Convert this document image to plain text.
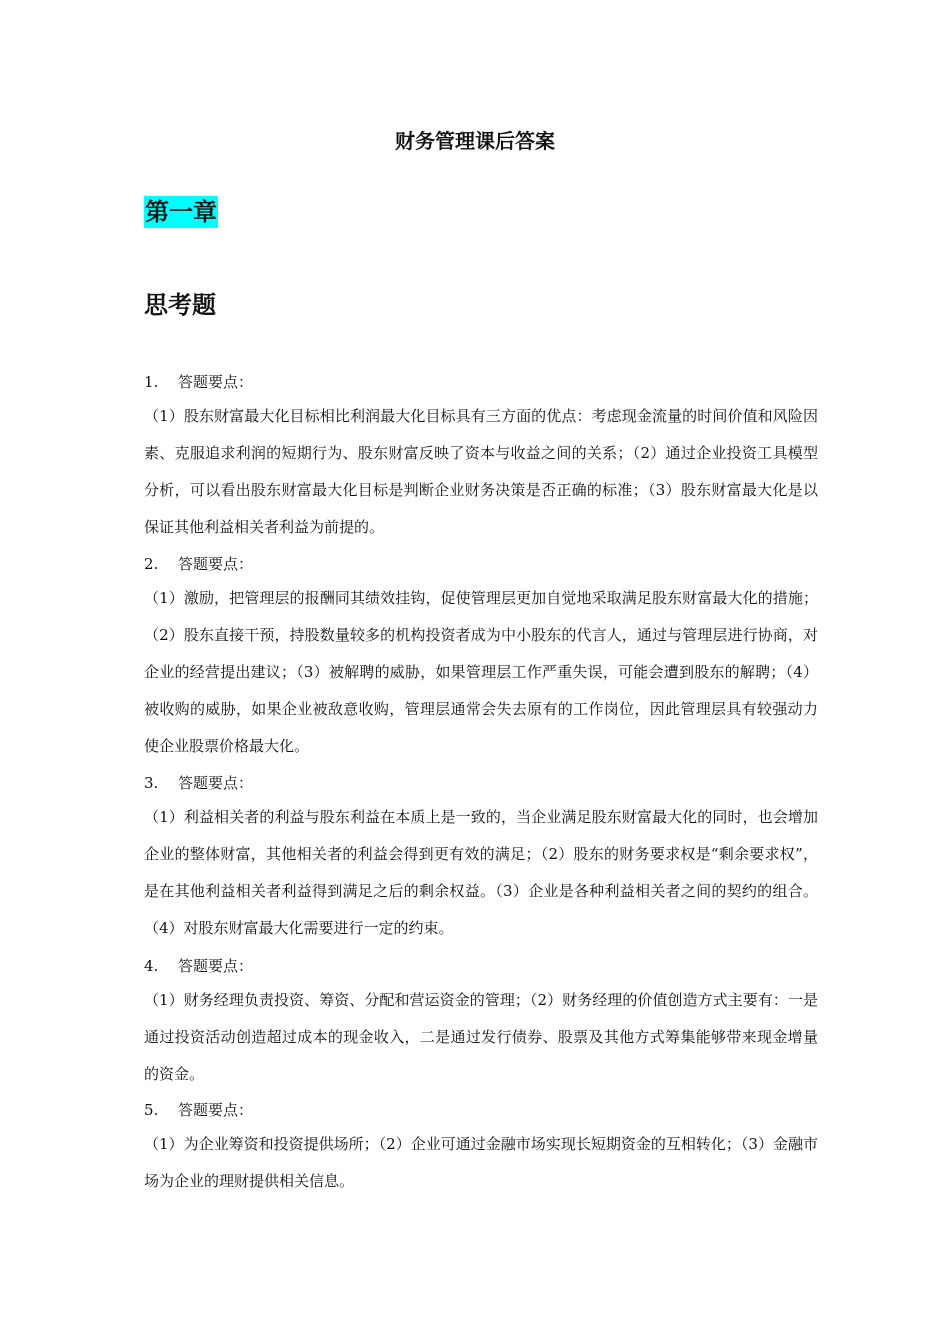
财务管理课后答案
第一章
思考题
1.	答题要点：
（1）股东财富最大化目标相比利润最大化目标具有三方面的优点：考虑现金流量的时间价值和风险因素、克服追求利润的短期行为、股东财富反映了资本与收益之间的关系；（2）通过企业投资工具模型分析，可以看出股东财富最大化目标是判断企业财务决策是否正确的标准；（3）股东财富最大化是以保证其他利益相关者利益为前提的。
2.	答题要点：
（1）激励，把管理层的报酬同其绩效挂钩，促使管理层更加自觉地采取满足股东财富最大化的措施；（2）股东直接干预，持股数量较多的机构投资者成为中小股东的代言人，通过与管理层进行协商，对企业的经营提出建议；（3）被解聘的威胁，如果管理层工作严重失误，可能会遭到股东的解聘；（4）被收购的威胁，如果企业被敌意收购，管理层通常会失去原有的工作岗位，因此管理层具有较强动力使企业股票价格最大化。
3.	答题要点：
（1）利益相关者的利益与股东利益在本质上是一致的，当企业满足股东财富最大化的同时，也会增加企业的整体财富，其他相关者的利益会得到更有效的满足；（2）股东的财务要求权是“剩余要求权”，是在其他利益相关者利益得到满足之后的剩余权益。（3）企业是各种利益相关者之间的契约的组合。（4）对股东财富最大化需要进行一定的约束。
4.	答题要点：
（1）财务经理负责投资、筹资、分配和营运资金的管理；（2）财务经理的价值创造方式主要有：一是通过投资活动创造超过成本的现金收入，二是通过发行债券、股票及其他方式筹集能够带来现金增量的资金。
5.	答题要点：
（1）为企业筹资和投资提供场所；（2）企业可通过金融市场实现长短期资金的互相转化；（3）金融市场为企业的理财提供相关信息。
